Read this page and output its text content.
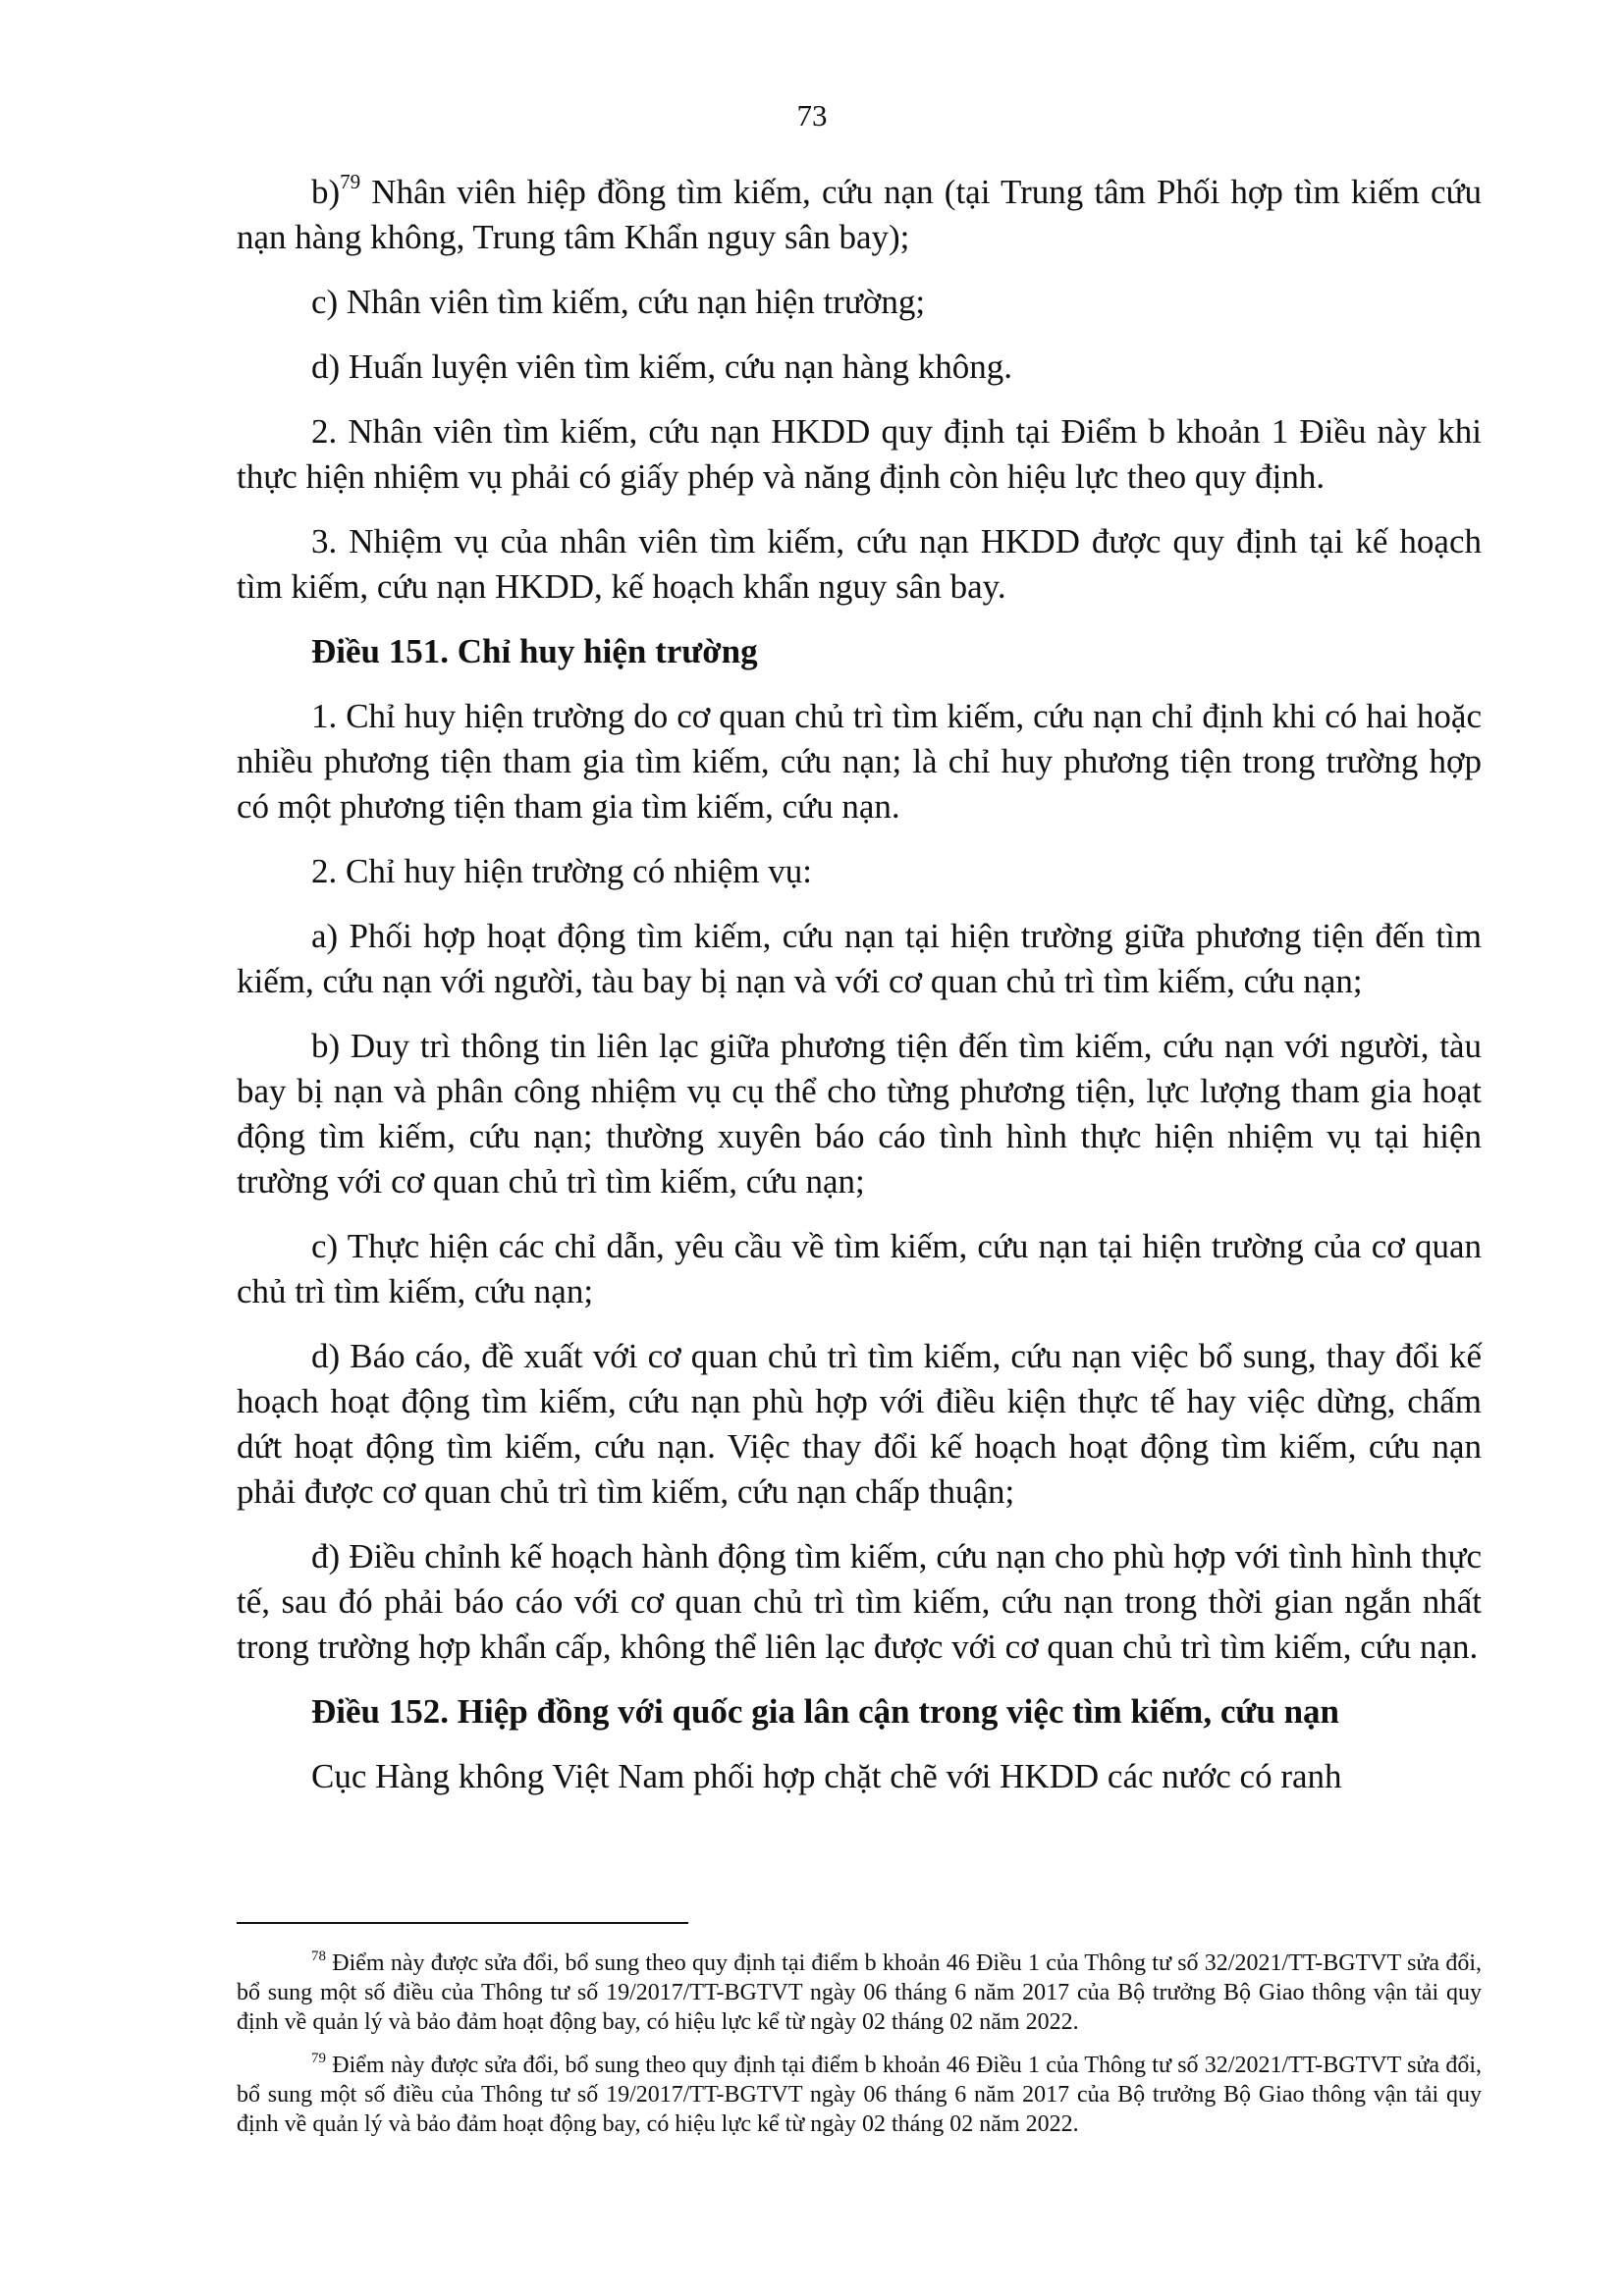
73

b)$^{79}$ Nhân viên hiệp đồng tìm kiếm, cứu nạn (tại Trung tâm Phối hợp tìm kiếm cứu nạn hàng không, Trung tâm Khẩn nguy sân bay);

c) Nhân viên tìm kiếm, cứu nạn hiện trường;

d) Huấn luyện viên tìm kiếm, cứu nạn hàng không.

2. Nhân viên tìm kiếm, cứu nạn HKDD quy định tại Điểm b khoản 1 Điều này khi thực hiện nhiệm vụ phải có giấy phép và năng định còn hiệu lực theo quy định.

3. Nhiệm vụ của nhân viên tìm kiếm, cứu nạn HKDD được quy định tại kế hoạch tìm kiếm, cứu nạn HKDD, kế hoạch khẩn nguy sân bay.

Điều 151. Chỉ huy hiện trường

1. Chỉ huy hiện trường do cơ quan chủ trì tìm kiếm, cứu nạn chỉ định khi có hai hoặc nhiều phương tiện tham gia tìm kiếm, cứu nạn; là chỉ huy phương tiện trong trường hợp có một phương tiện tham gia tìm kiếm, cứu nạn.

2. Chỉ huy hiện trường có nhiệm vụ:

a) Phối hợp hoạt động tìm kiếm, cứu nạn tại hiện trường giữa phương tiện đến tìm kiếm, cứu nạn với người, tàu bay bị nạn và với cơ quan chủ trì tìm kiếm, cứu nạn;

b) Duy trì thông tin liên lạc giữa phương tiện đến tìm kiếm, cứu nạn với người, tàu bay bị nạn và phân công nhiệm vụ cụ thể cho từng phương tiện, lực lượng tham gia hoạt động tìm kiếm, cứu nạn; thường xuyên báo cáo tình hình thực hiện nhiệm vụ tại hiện trường với cơ quan chủ trì tìm kiếm, cứu nạn;

c) Thực hiện các chỉ dẫn, yêu cầu về tìm kiếm, cứu nạn tại hiện trường của cơ quan chủ trì tìm kiếm, cứu nạn;

d) Báo cáo, đề xuất với cơ quan chủ trì tìm kiếm, cứu nạn việc bổ sung, thay đổi kế hoạch hoạt động tìm kiếm, cứu nạn phù hợp với điều kiện thực tế hay việc dừng, chấm dứt hoạt động tìm kiếm, cứu nạn. Việc thay đổi kế hoạch hoạt động tìm kiếm, cứu nạn phải được cơ quan chủ trì tìm kiếm, cứu nạn chấp thuận;

đ) Điều chỉnh kế hoạch hành động tìm kiếm, cứu nạn cho phù hợp với tình hình thực tế, sau đó phải báo cáo với cơ quan chủ trì tìm kiếm, cứu nạn trong thời gian ngắn nhất trong trường hợp khẩn cấp, không thể liên lạc được với cơ quan chủ trì tìm kiếm, cứu nạn.

Điều 152. Hiệp đồng với quốc gia lân cận trong việc tìm kiếm, cứu nạn

Cục Hàng không Việt Nam phối hợp chặt chẽ với HKDD các nước có ranh

$^{78}$ Điểm này được sửa đổi, bổ sung theo quy định tại điểm b khoản 46 Điều 1 của Thông tư số 32/2021/TT-BGTVT sửa đổi, bổ sung một số điều của Thông tư số 19/2017/TT-BGTVT ngày 06 tháng 6 năm 2017 của Bộ trưởng Bộ Giao thông vận tải quy định về quản lý và bảo đảm hoạt động bay, có hiệu lực kể từ ngày 02 tháng 02 năm 2022.

$^{79}$ Điểm này được sửa đổi, bổ sung theo quy định tại điểm b khoản 46 Điều 1 của Thông tư số 32/2021/TT-BGTVT sửa đổi, bổ sung một số điều của Thông tư số 19/2017/TT-BGTVT ngày 06 tháng 6 năm 2017 của Bộ trưởng Bộ Giao thông vận tải quy định về quản lý và bảo đảm hoạt động bay, có hiệu lực kể từ ngày 02 tháng 02 năm 2022.
